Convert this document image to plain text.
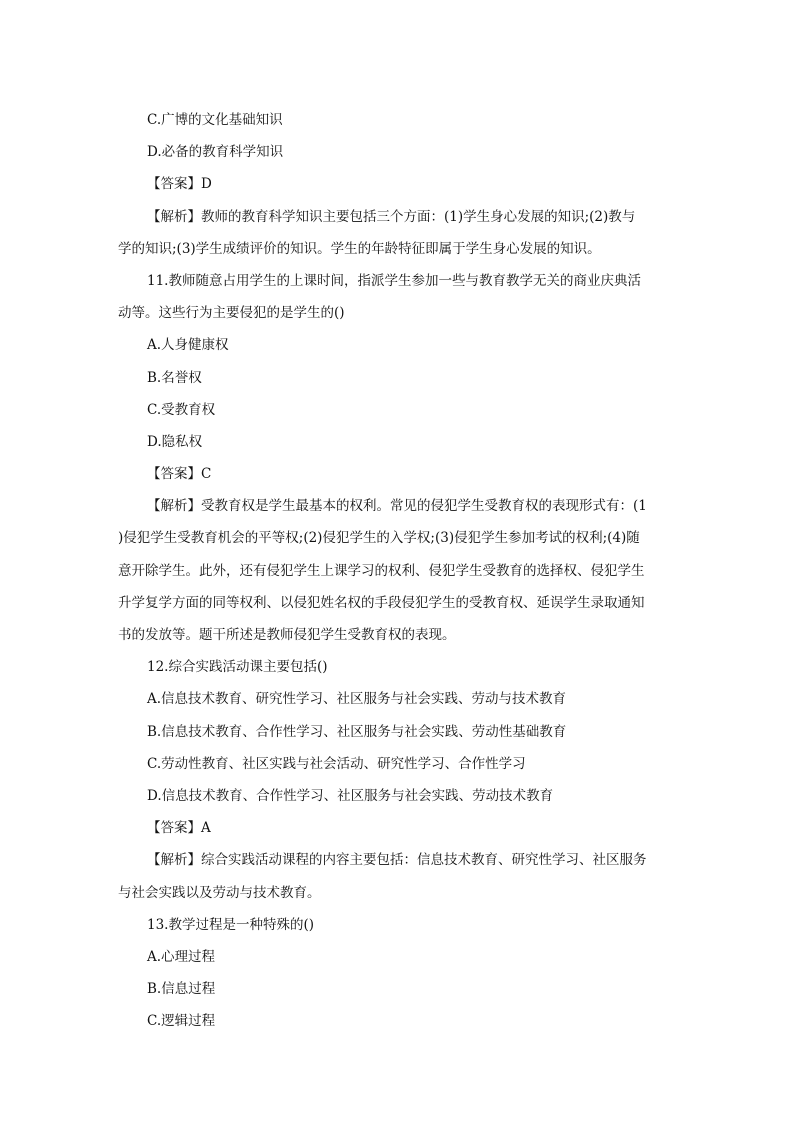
C.广博的文化基础知识
D.必备的教育科学知识
【答案】D
【解析】教师的教育科学知识主要包括三个方面：(1)学生身心发展的知识;(2)教与
学的知识;(3)学生成绩评价的知识。学生的年龄特征即属于学生身心发展的知识。
11.教师随意占用学生的上课时间，指派学生参加一些与教育教学无关的商业庆典活
动等。这些行为主要侵犯的是学生的()
A.人身健康权
B.名誉权
C.受教育权
D.隐私权
【答案】C
【解析】受教育权是学生最基本的权利。常见的侵犯学生受教育权的表现形式有：(1
)侵犯学生受教育机会的平等权;(2)侵犯学生的入学权;(3)侵犯学生参加考试的权利;(4)随
意开除学生。此外，还有侵犯学生上课学习的权利、侵犯学生受教育的选择权、侵犯学生
升学复学方面的同等权利、以侵犯姓名权的手段侵犯学生的受教育权、延误学生录取通知
书的发放等。题干所述是教师侵犯学生受教育权的表现。
12.综合实践活动课主要包括()
A.信息技术教育、研究性学习、社区服务与社会实践、劳动与技术教育
B.信息技术教育、合作性学习、社区服务与社会实践、劳动性基础教育
C.劳动性教育、社区实践与社会活动、研究性学习、合作性学习
D.信息技术教育、合作性学习、社区服务与社会实践、劳动技术教育
【答案】A
【解析】综合实践活动课程的内容主要包括：信息技术教育、研究性学习、社区服务
与社会实践以及劳动与技术教育。
13.教学过程是一种特殊的()
A.心理过程
B.信息过程
C.逻辑过程
